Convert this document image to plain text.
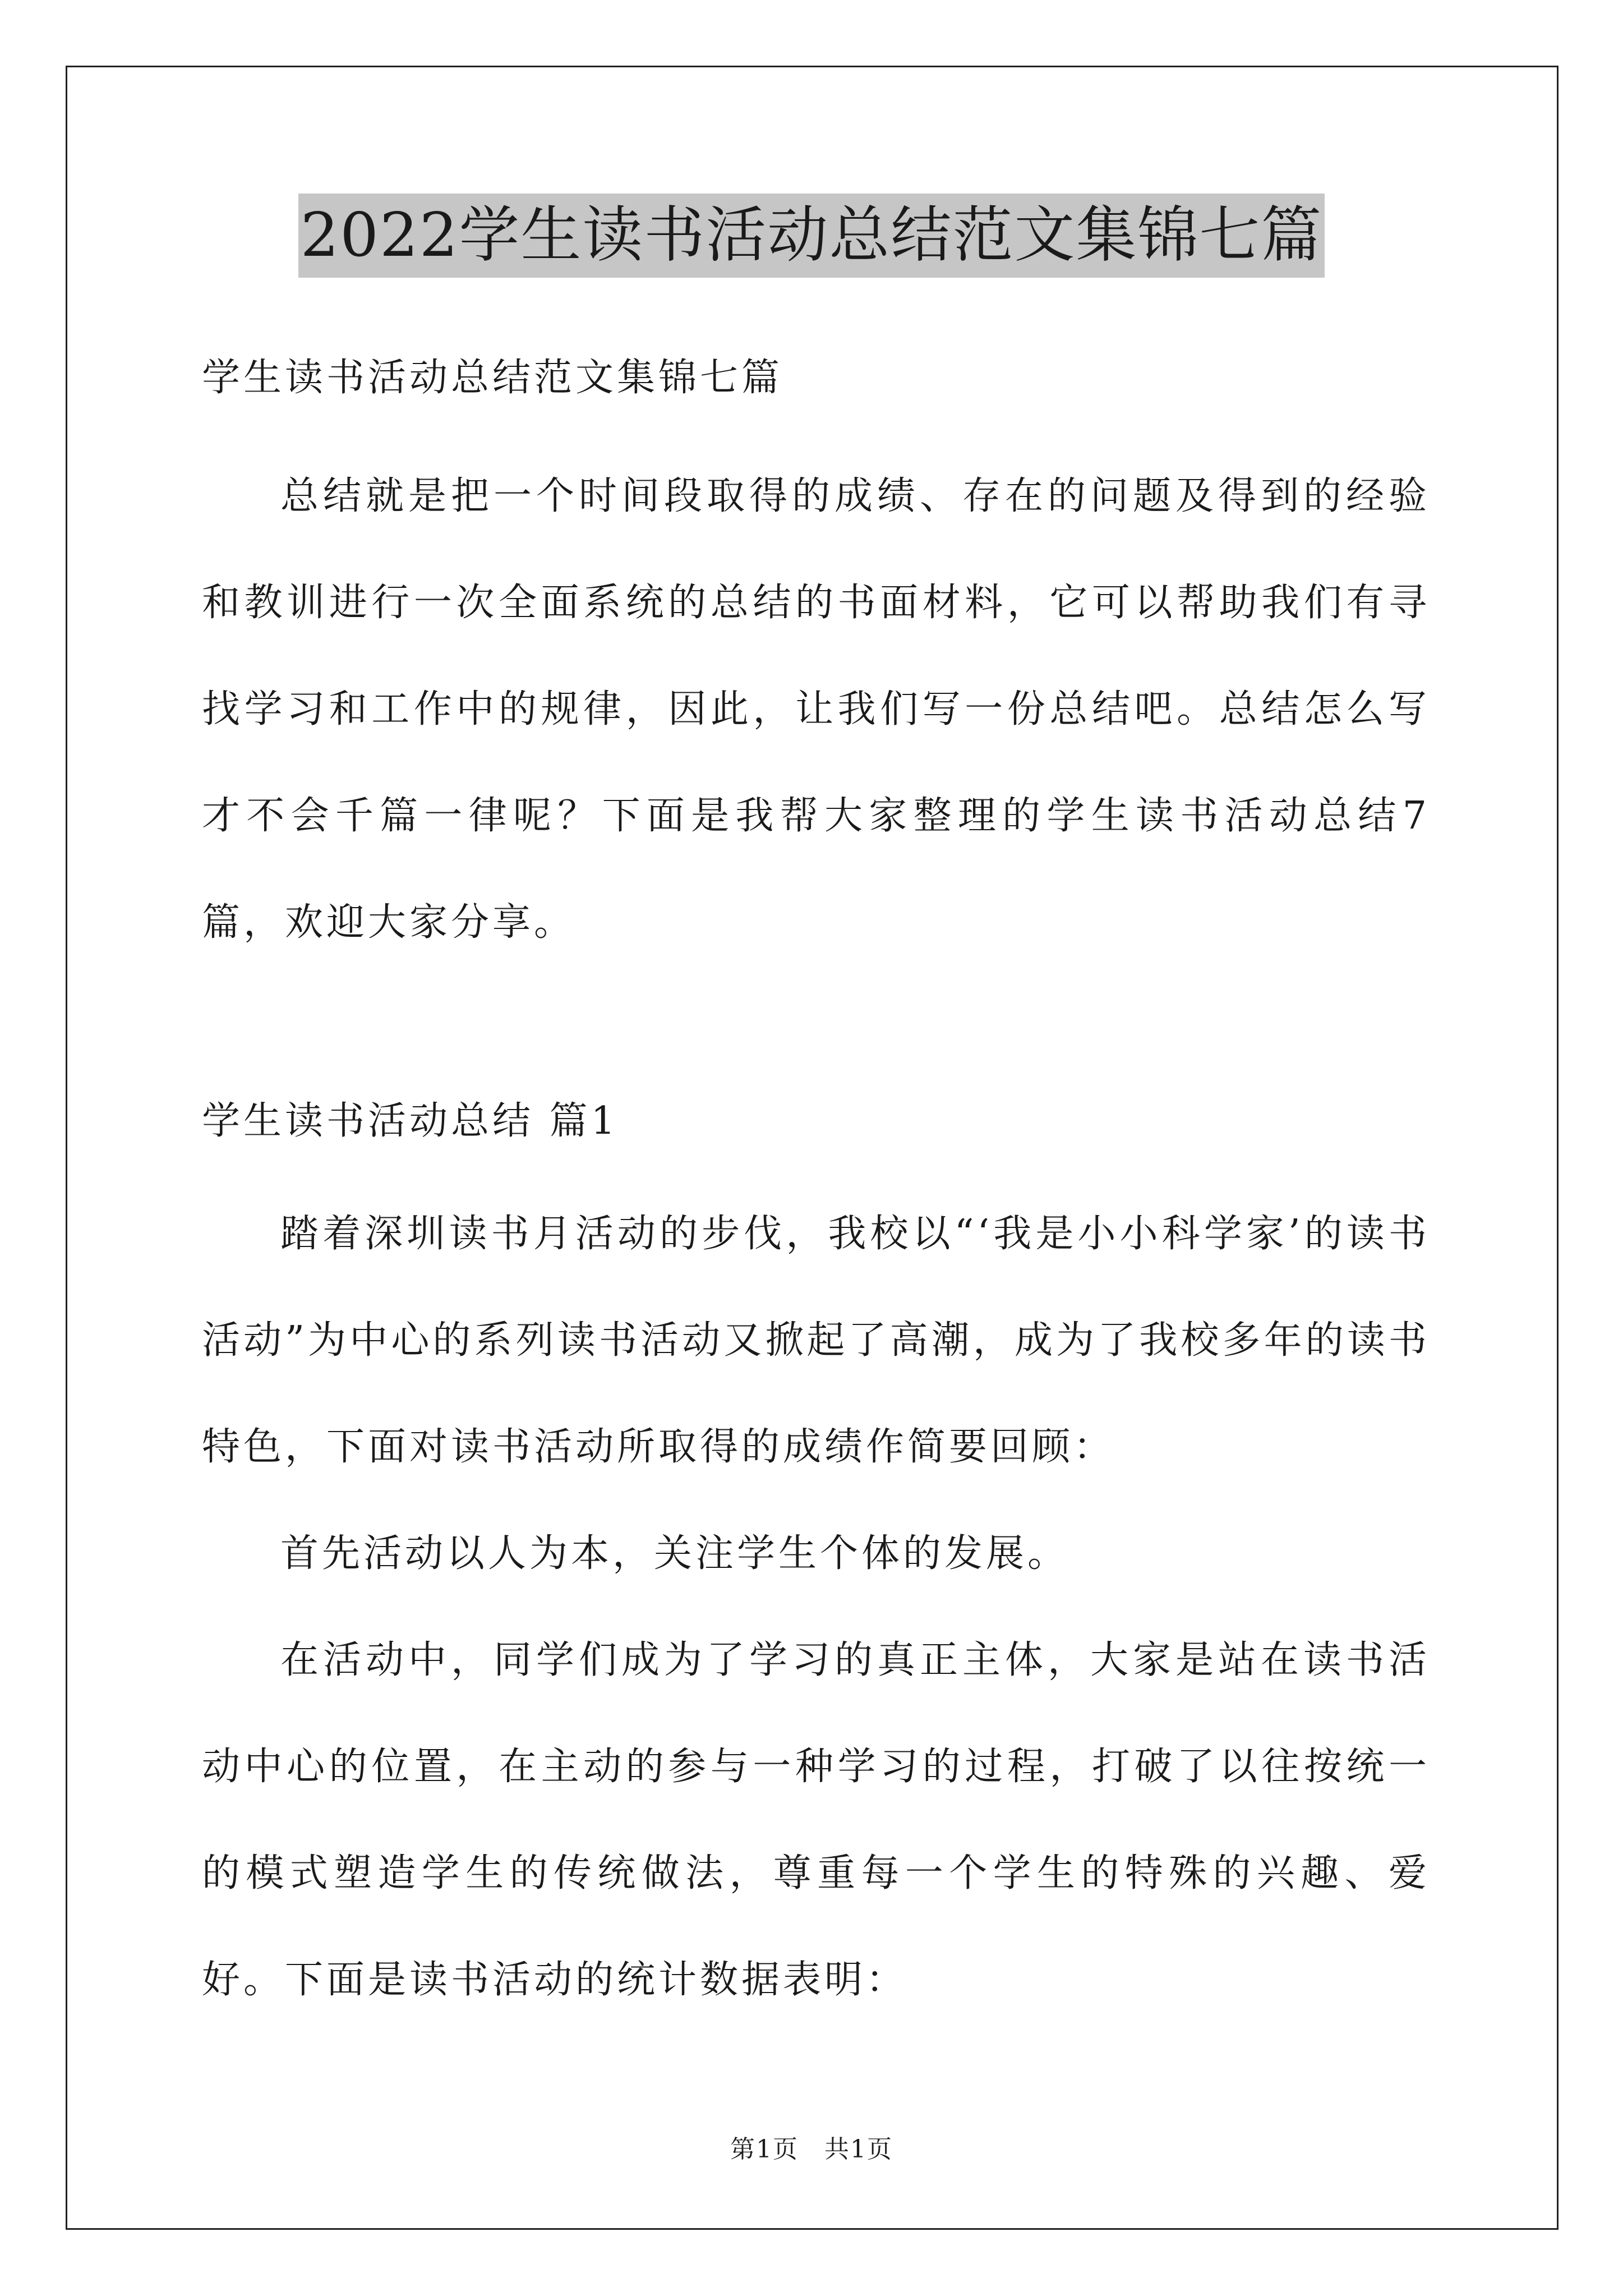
2022学生读书活动总结范文集锦七篇
学生读书活动总结范文集锦七篇
总结就是把一个时间段取得的成绩、存在的问题及得到的经验和教训进行一次全面系统的总结的书面材料，它可以帮助我们有寻找学习和工作中的规律，因此，让我们写一份总结吧。总结怎么写才不会千篇一律呢？下面是我帮大家整理的学生读书活动总结7篇，欢迎大家分享。
学生读书活动总结 篇1
踏着深圳读书月活动的步伐，我校以“‘我是小小科学家’的读书活动”为中心的系列读书活动又掀起了高潮，成为了我校多年的读书特色，下面对读书活动所取得的成绩作简要回顾：
首先活动以人为本，关注学生个体的发展。
在活动中，同学们成为了学习的真正主体，大家是站在读书活动中心的位置，在主动的参与一种学习的过程，打破了以往按统一的模式塑造学生的传统做法，尊重每一个学生的特殊的兴趣、爱好。下面是读书活动的统计数据表明：
第1页　共1页
